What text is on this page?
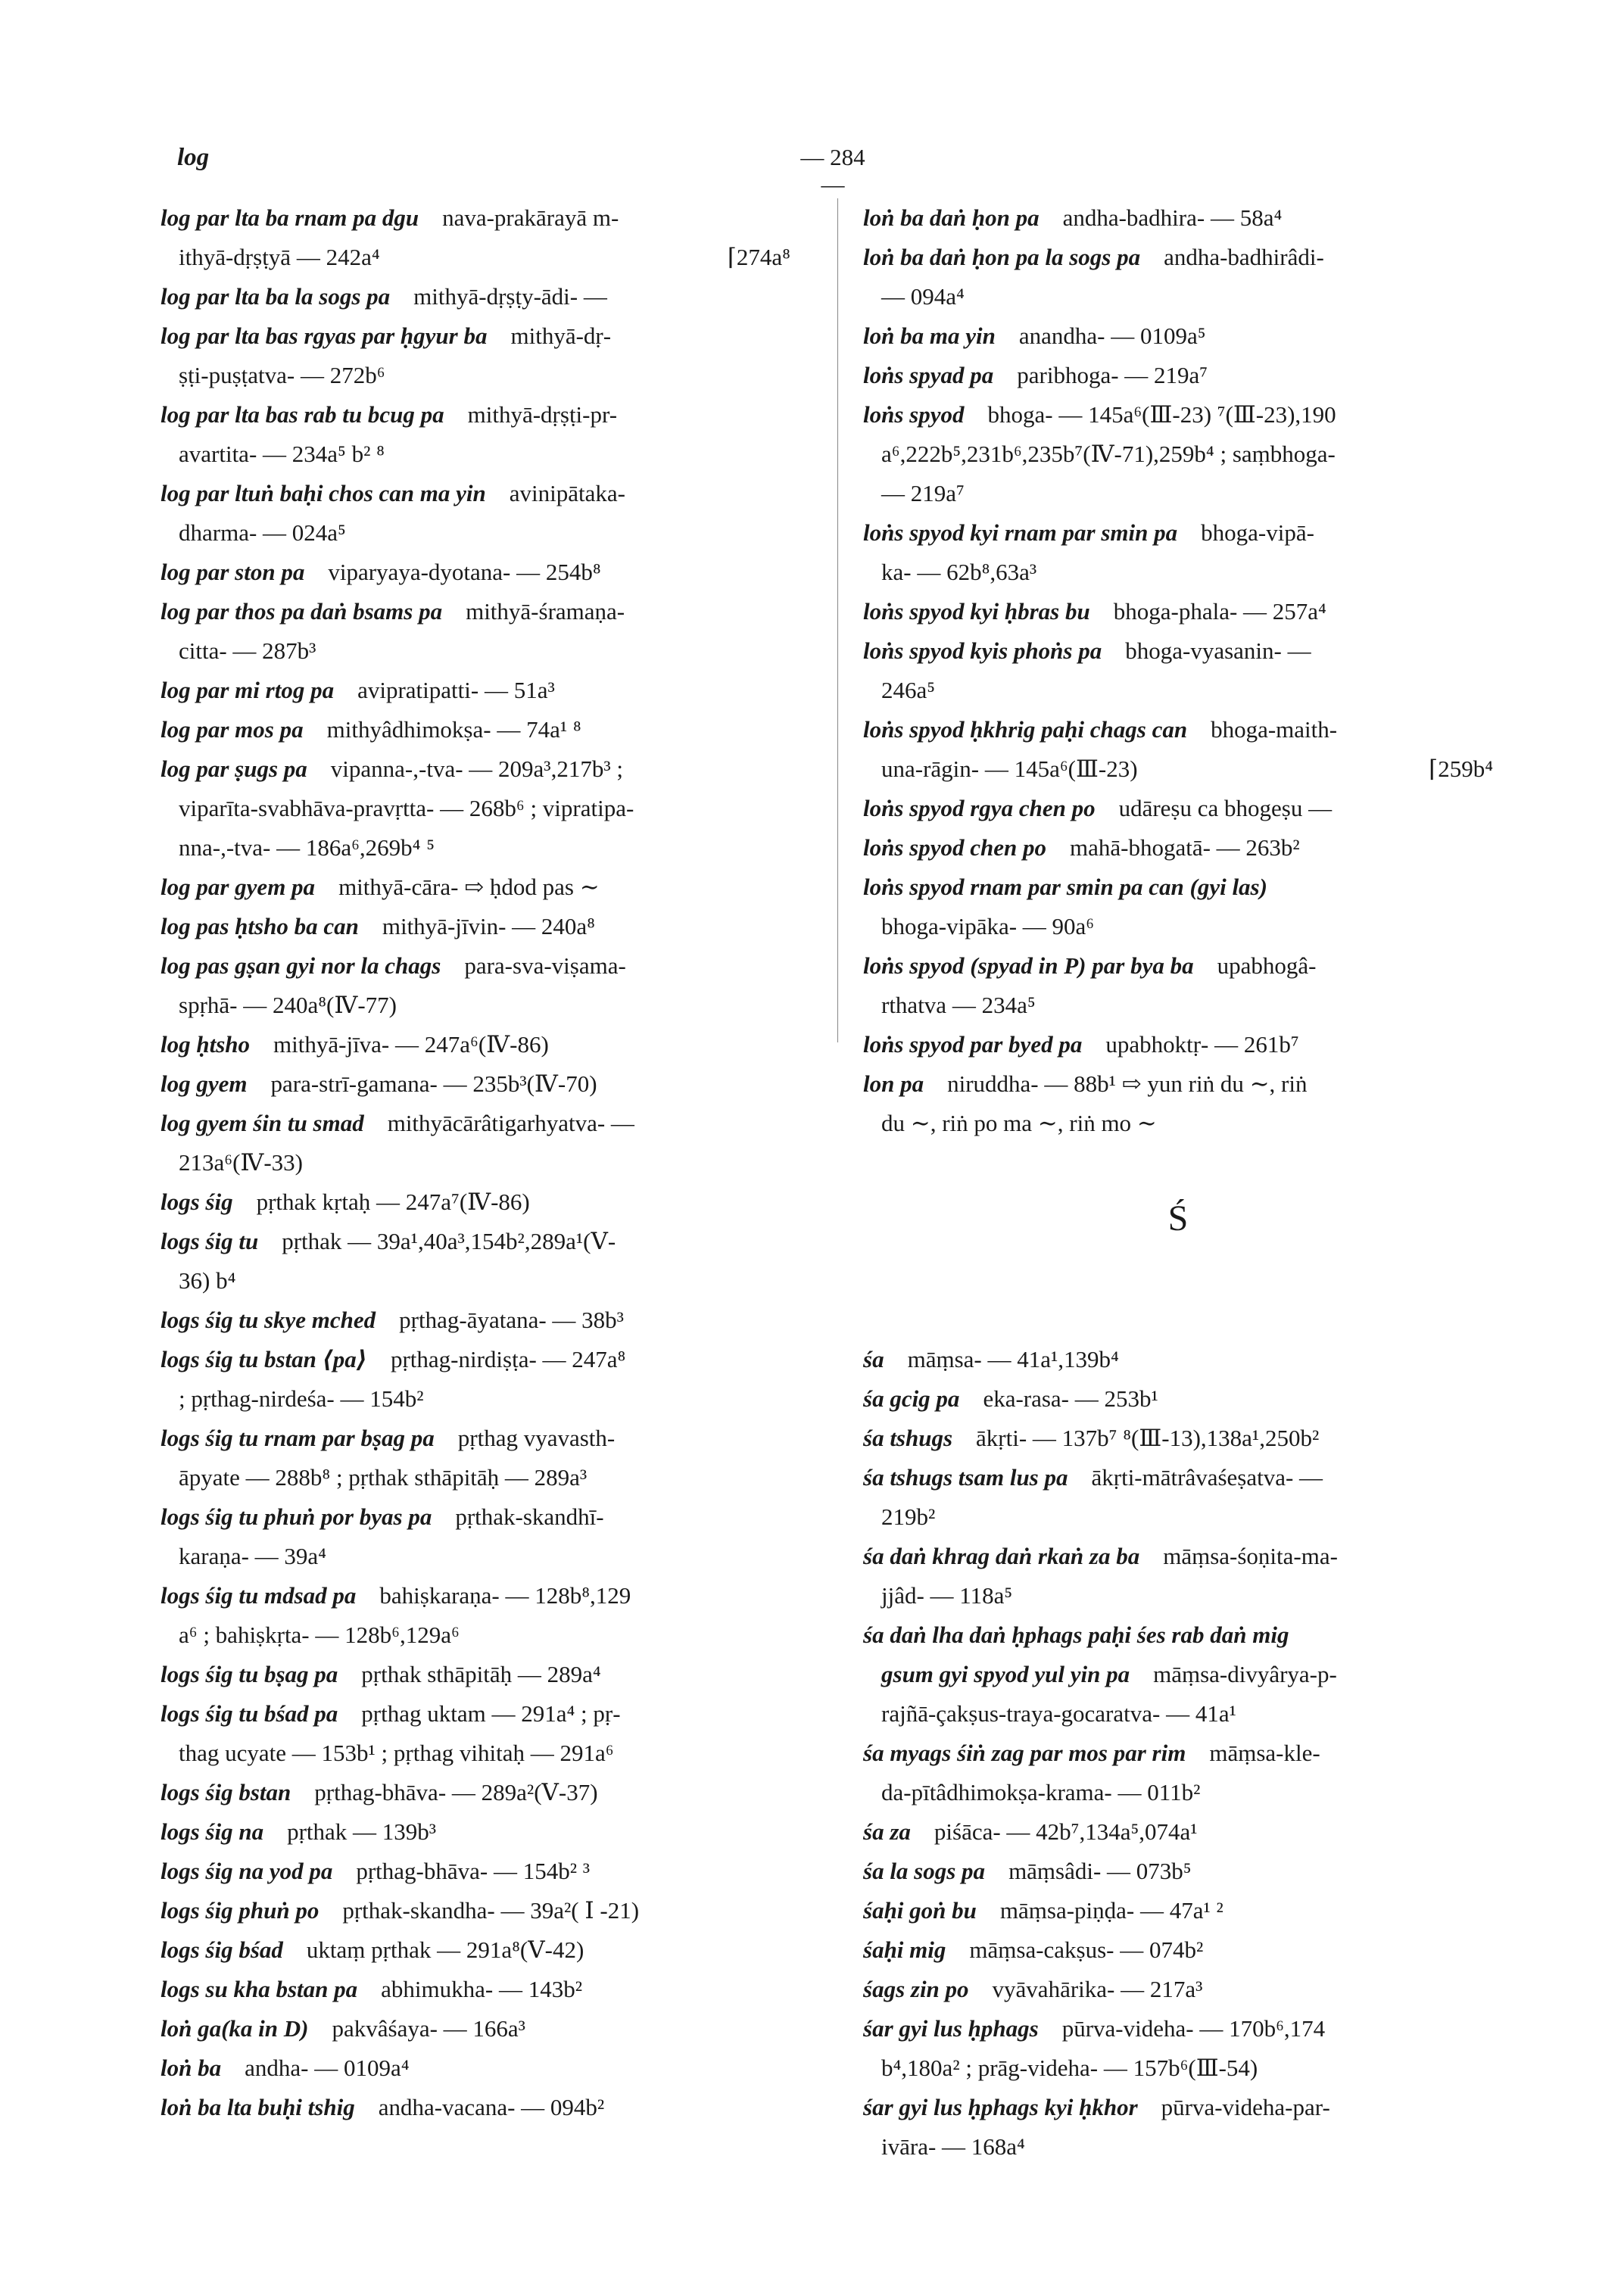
log	— 284 —
log par lta ba rnam pa dgu  nava-prakārayā m-
⌈274a⁸
ithyā-dṛṣṭyā — 242a⁴
log par lta ba la sogs pa  mithyā-dṛṣṭy-ādi- —
log par lta bas rgyas par ḥgyur ba  mithyā-dṛ-
ṣṭi-puṣṭatva- — 272b⁶
log par lta bas rab tu bcug pa  mithyā-dṛṣṭi-pr-
avartita- — 234a⁵ b² ⁸
log par ltuṅ baḥi chos can ma yin  avinipātaka-
dharma- — 024a⁵
log par ston pa  viparyaya-dyotana- — 254b⁸
log par thos pa daṅ bsams pa  mithyā-śramaṇa-
citta- — 287b³
log par mi rtog pa  avipratipatti- — 51a³
log par mos pa  mithyâdhimokṣa- — 74a¹ ⁸
log par ṣugs pa  vipanna-,-tva- — 209a³,217b³ ;
viparīta-svabhāva-pravṛtta- — 268b⁶ ; vipratipa-
nna-,-tva- — 186a⁶,269b⁴ ⁵
log par gyem pa  mithyā-cāra- ⇨ ḥdod pas ∼
log pas ḥtsho ba can  mithyā-jīvin- — 240a⁸
log pas gṣan gyi nor la chags  para-sva-viṣama-
spṛhā- — 240a⁸(Ⅳ-77)
log ḥtsho  mithyā-jīva- — 247a⁶(Ⅳ-86)
log gyem  para-strī-gamana- — 235b³(Ⅳ-70)
log gyem śin tu smad  mithyācārâtigarhyatva- —
213a⁶(Ⅳ-33)
logs śig  pṛthak kṛtaḥ — 247a⁷(Ⅳ-86)
logs śig tu  pṛthak — 39a¹,40a³,154b²,289a¹(Ⅴ-
36) b⁴
logs śig tu skye mched  pṛthag-āyatana- — 38b³
logs śig tu bstan ⟨pa⟩  pṛthag-nirdiṣṭa- — 247a⁸
; pṛthag-nirdeśa- — 154b²
logs śig tu rnam par bṣag pa  pṛthag vyavasth-
āpyate — 288b⁸ ; pṛthak sthāpitāḥ — 289a³
logs śig tu phuṅ por byas pa  pṛthak-skandhī-
karaṇa- — 39a⁴
logs śig tu mdsad pa  bahiṣkaraṇa- — 128b⁸,129
a⁶ ; bahiṣkṛta- — 128b⁶,129a⁶
logs śig tu bṣag pa  pṛthak sthāpitāḥ — 289a⁴
logs śig tu bśad pa  pṛthag uktam — 291a⁴ ; pṛ-
thag ucyate — 153b¹ ; pṛthag vihitaḥ — 291a⁶
logs śig bstan  pṛthag-bhāva- — 289a²(Ⅴ-37)
logs śig na  pṛthak — 139b³
logs śig na yod pa  pṛthag-bhāva- — 154b² ³
logs śig phuṅ po  pṛthak-skandha- — 39a²( Ⅰ -21)
logs śig bśad  uktaṃ pṛthak — 291a⁸(Ⅴ-42)
logs su kha bstan pa  abhimukha- — 143b²
loṅ ga(ka in D)  pakvâśaya- — 166a³
loṅ ba  andha- — 0109a⁴
loṅ ba lta buḥi tshig  andha-vacana- — 094b²
loṅ ba daṅ ḥon pa  andha-badhira- — 58a⁴
loṅ ba daṅ ḥon pa la sogs pa  andha-badhirâdi-
— 094a⁴
loṅ ba ma yin  anandha- — 0109a⁵
loṅs spyad pa  paribhoga- — 219a⁷
loṅs spyod  bhoga- — 145a⁶(Ⅲ-23) ⁷(Ⅲ-23),190
a⁶,222b⁵,231b⁶,235b⁷(Ⅳ-71),259b⁴ ; saṃbhoga-
— 219a⁷
loṅs spyod kyi rnam par smin pa  bhoga-vipā-
ka- — 62b⁸,63a³
loṅs spyod kyi ḥbras bu  bhoga-phala- — 257a⁴
loṅs spyod kyis phoṅs pa  bhoga-vyasanin- —
246a⁵
loṅs spyod ḥkhrig paḥi chags can  bhoga-maith-
⌈259b⁴
una-rāgin- — 145a⁶(Ⅲ-23)
loṅs spyod rgya chen po  udāreṣu ca bhogeṣu —
loṅs spyod chen po  mahā-bhogatā- — 263b²
loṅs spyod rnam par smin pa can (gyi las)
bhoga-vipāka- — 90a⁶
loṅs spyod (spyad in P) par bya ba  upabhogâ-
rthatva — 234a⁵
loṅs spyod par byed pa  upabhoktṛ- — 261b⁷
lon pa  niruddha- — 88b¹ ⇨ yun riṅ du ∼, riṅ
du ∼, riṅ po ma ∼, riṅ mo ∼
Ś
śa  māṃsa- — 41a¹,139b⁴
śa gcig pa  eka-rasa- — 253b¹
śa tshugs  ākṛti- — 137b⁷ ⁸(Ⅲ-13),138a¹,250b²
śa tshugs tsam lus pa  ākṛti-mātrâvaśeṣatva- —
219b²
śa daṅ khrag daṅ rkaṅ za ba  māṃsa-śoṇita-ma-
jjâd- — 118a⁵
śa daṅ lha daṅ ḥphags paḥi śes rab daṅ mig
gsum gyi spyod yul yin pa  māṃsa-divyârya-p-
rajñā-çakṣus-traya-gocaratva- — 41a¹
śa myags śiṅ zag par mos par rim  māṃsa-kle-
da-pītâdhimokṣa-krama- — 011b²
śa za  piśāca- — 42b⁷,134a⁵,074a¹
śa la sogs pa  māṃsâdi- — 073b⁵
śaḥi goṅ bu  māṃsa-piṇḍa- — 47a¹ ²
śaḥi mig  māṃsa-cakṣus- — 074b²
śags zin po  vyāvahārika- — 217a³
śar gyi lus ḥphags  pūrva-videha- — 170b⁶,174
b⁴,180a² ; prāg-videha- — 157b⁶(Ⅲ-54)
śar gyi lus ḥphags kyi ḥkhor  pūrva-videha-par-
ivāra- — 168a⁴
